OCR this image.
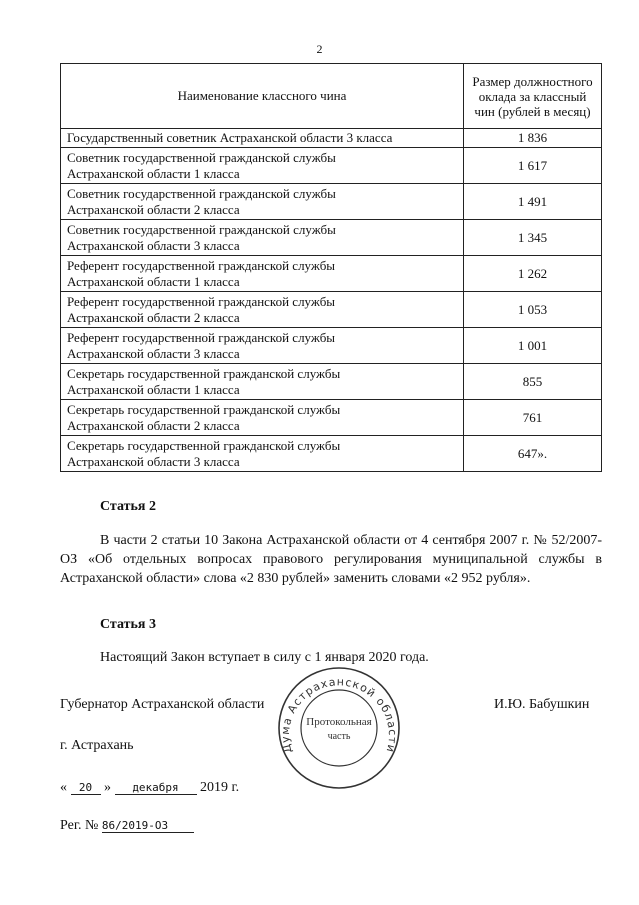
2
Наименование классного чина	Размер должностного оклада за классный чин (рублей в месяц)
Государственный советник Астраханской области 3 класса	1 836
Советник государственной гражданской службы
Астраханской области 1 класса	1 617
Советник государственной гражданской службы
Астраханской области 2 класса	1 491
Советник государственной гражданской службы
Астраханской области 3 класса	1 345
Референт государственной гражданской службы
Астраханской области 1 класса	1 262
Референт государственной гражданской службы
Астраханской области 2 класса	1 053
Референт государственной гражданской службы
Астраханской области 3 класса	1 001
Секретарь государственной гражданской службы
Астраханской области 1 класса	855
Секретарь государственной гражданской службы
Астраханской области 2 класса	761
Секретарь государственной гражданской службы
Астраханской области 3 класса	647».
Статья 2
В части 2 статьи 10 Закона Астраханской области от 4 сентября 2007 г. № 52/2007-ОЗ «Об отдельных вопросах правового регулирования муниципальной службы в Астраханской области» слова «2 830 рублей» заменить словами «2 952 рубля».
Статья 3
Настоящий Закон вступает в силу с 1 января 2020 года.
Губернатор Астраханской области	И.Ю. Бабушкин
Дума Астраханской области
Протокольная
часть
г. Астрахань
« 20 » декабря 2019 г.
Рег. № 86/2019-ОЗ
